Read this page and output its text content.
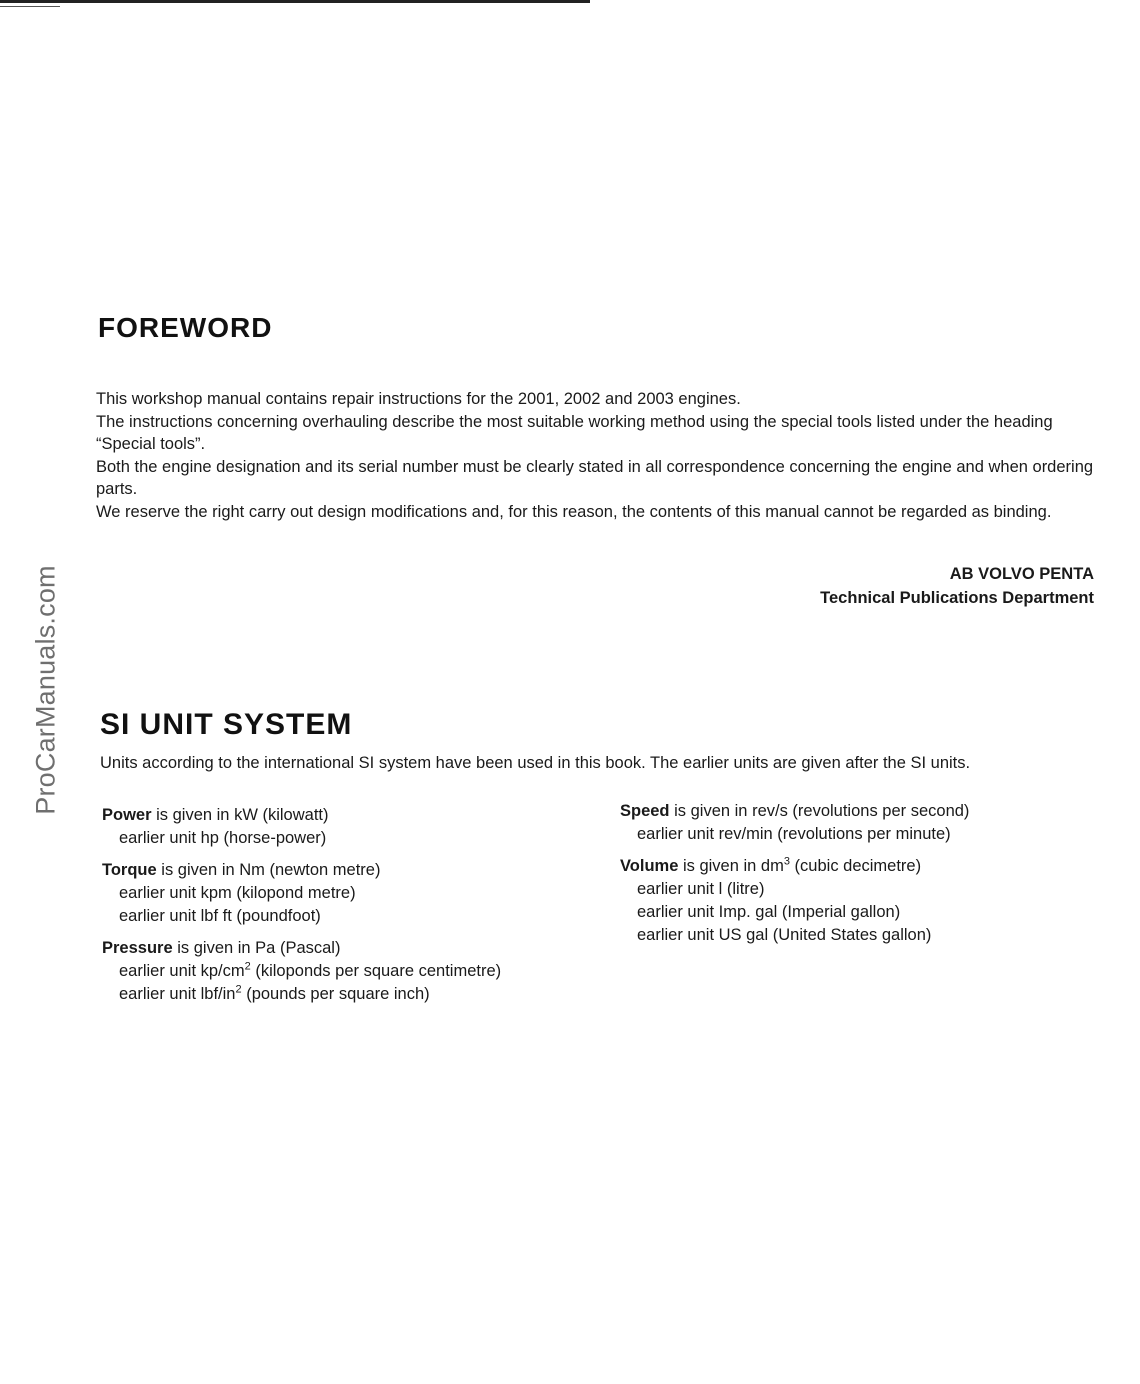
ProCarManuals.com
FOREWORD

This workshop manual contains repair instructions for the 2001, 2002 and 2003 engines.

The instructions concerning overhauling describe the most suitable working method using the special tools listed under the heading “Special tools”.

Both the engine designation and its serial number must be clearly stated in all correspondence concerning the engine and when ordering parts.

We reserve the right carry out design modifications and, for this reason, the contents of this manual cannot be regarded as binding.

AB VOLVO PENTA
Technical Publications Department
SI UNIT SYSTEM

Units according to the international SI system have been used in this book. The earlier units are given after the SI units.

Power is given in kW (kilowatt)
earlier unit hp (horse-power)
Torque is given in Nm (newton metre)
earlier unit kpm (kilopond metre)
earlier unit lbf ft (poundfoot)
Pressure is given in Pa (Pascal)
earlier unit $kp/cm^2$ (kiloponds per square centimetre)
earlier unit lbf/$in^2$ (pounds per square inch)
Speed is given in rev/s (revolutions per second)
earlier unit rev/min (revolutions per minute)
Volume is given in $dm^3$ (cubic decimetre)
earlier unit l (litre)
earlier unit Imp. gal (Imperial gallon)
earlier unit US gal (United States gallon)
